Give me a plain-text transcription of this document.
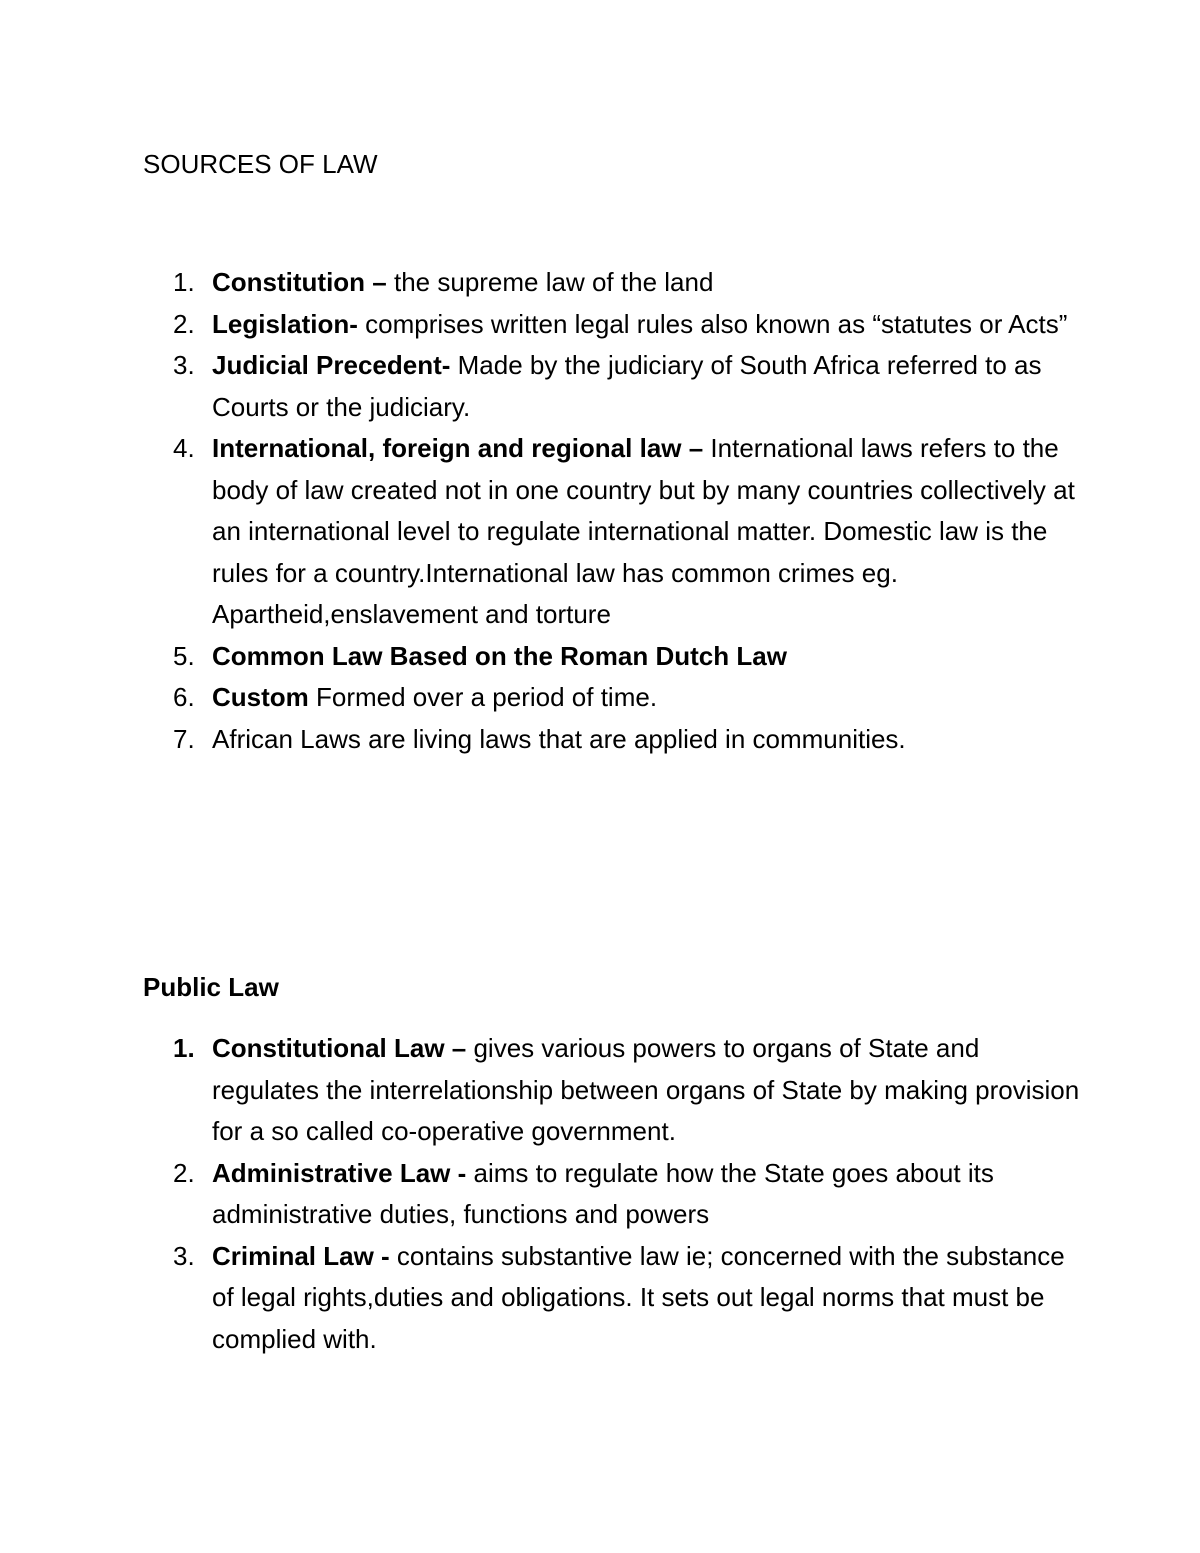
SOURCES OF LAW
1. Constitution – the supreme law of the land
2. Legislation- comprises written legal rules also known as “statutes or Acts”
3. Judicial Precedent- Made by the judiciary of South Africa referred to as Courts or the judiciary.
4. International, foreign and regional law – International laws refers to the body of law created not in one country but by many countries collectively at an international level to regulate international matter. Domestic law is the rules for a country.International law has common crimes eg. Apartheid,enslavement and torture
5. Common Law Based on the Roman Dutch Law
6. Custom Formed over a period of time.
7. African Laws are living laws that are applied in communities.
Public Law
1. Constitutional Law – gives various powers to organs of State and regulates the interrelationship between organs of State by making provision for a so called co-operative government.
2. Administrative Law - aims to regulate how the State goes about its administrative duties, functions and powers
3. Criminal Law - contains substantive law ie; concerned with the substance of legal rights,duties and obligations. It sets out legal norms that must be complied with.
